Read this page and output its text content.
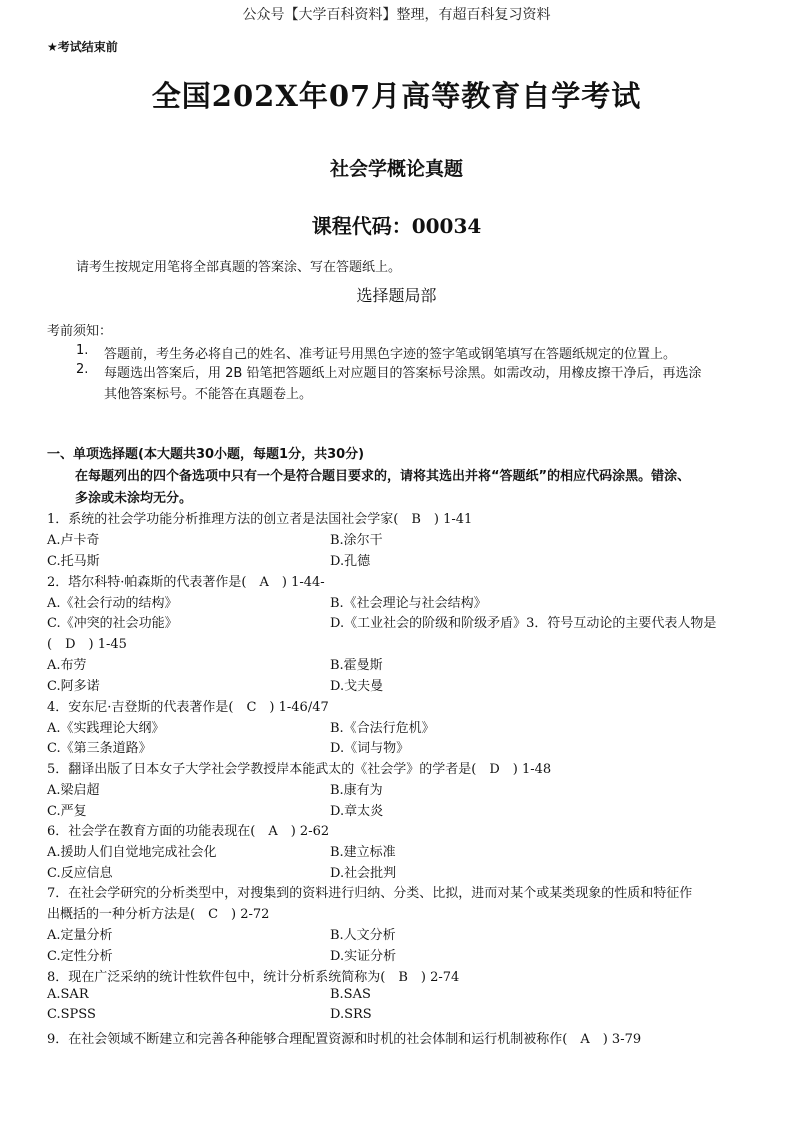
公众号【大学百科资料】整理，有超百科复习资料
★考试结束前
全国202X年07月高等教育自学考试
社会学概论真题
课程代码：00034
请考生按规定用笔将全部真题的答案涂、写在答题纸上。
选择题局部
考前须知：
1. 答题前，考生务必将自己的姓名、准考证号用黑色字迹的签字笔或钢笔填写在答题纸规定的位置上。
2. 每题选出答案后，用 2B 铅笔把答题纸上对应题目的答案标号涂黑。如需改动，用橡皮擦干净后，再选涂
其他答案标号。不能答在真题卷上。
一、单项选择题(本大题共30小题，每题1分，共30分)
在每题列出的四个备选项中只有一个是符合题目要求的，请将其选出并将“答题纸”的相应代码涂黑。错涂、
多涂或未涂均无分。
1．系统的社会学功能分析推理方法的创立者是法国社会学家(　B　) 1-41
A.卢卡奇	B.涂尔干
C.托马斯	D.孔德
2．塔尔科特·帕森斯的代表著作是(　A　) 1-44-
A.《社会行动的结构》	B.《社会理论与社会结构》
C.《冲突的社会功能》	D.《工业社会的阶级和阶级矛盾》3．符号互动论的主要代表人物是
(　D　) 1-45
A.布劳	B.霍曼斯
C.阿多诺	D.戈夫曼
4．安东尼·吉登斯的代表著作是(　C　) 1-46/47
A.《实践理论大纲》	B.《合法行危机》
C.《第三条道路》	D.《词与物》
5．翻译出版了日本女子大学社会学教授岸本能武太的《社会学》的学者是(　D　) 1-48
A.梁启超	B.康有为
C.严复	D.章太炎
6．社会学在教育方面的功能表现在(　A　) 2-62
A.援助人们自觉地完成社会化	B.建立标准
C.反应信息	D.社会批判
7．在社会学研究的分析类型中，对搜集到的资料进行归纳、分类、比拟，进而对某个或某类现象的性质和特征作
出概括的一种分析方法是(　C　) 2-72
A.定量分析	B.人文分析
C.定性分析	D.实证分析
8．现在广泛采纳的统计性软件包中，统计分析系统简称为(　B　) 2-74
A.SAR	B.SAS
C.SPSS	D.SRS
9．在社会领域不断建立和完善各种能够合理配置资源和时机的社会体制和运行机制被称作(　A　) 3-79
